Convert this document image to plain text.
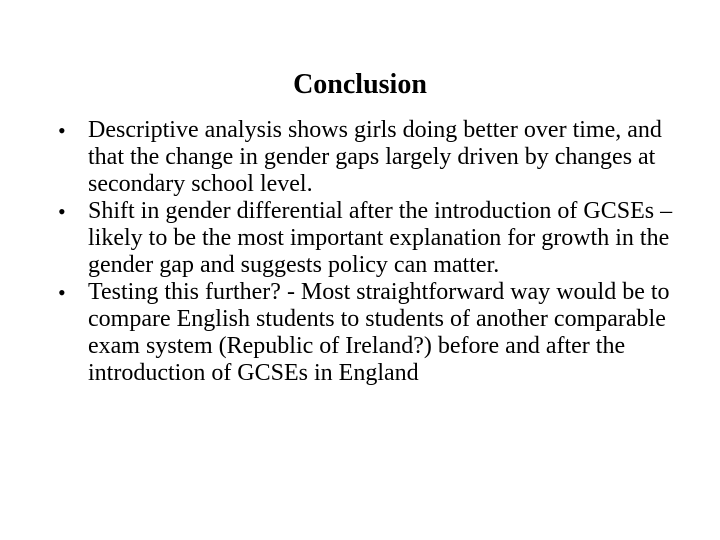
Conclusion
• Descriptive analysis shows girls doing better over time, and that the change in gender gaps largely driven by changes at secondary school level.
• Shift in gender differential after the introduction of GCSEs – likely to be the most important explanation for growth in the gender gap and suggests policy can matter.
• Testing this further? - Most straightforward way would be to compare English students to students of another comparable exam system (Republic of Ireland?) before and after the introduction of GCSEs in England
